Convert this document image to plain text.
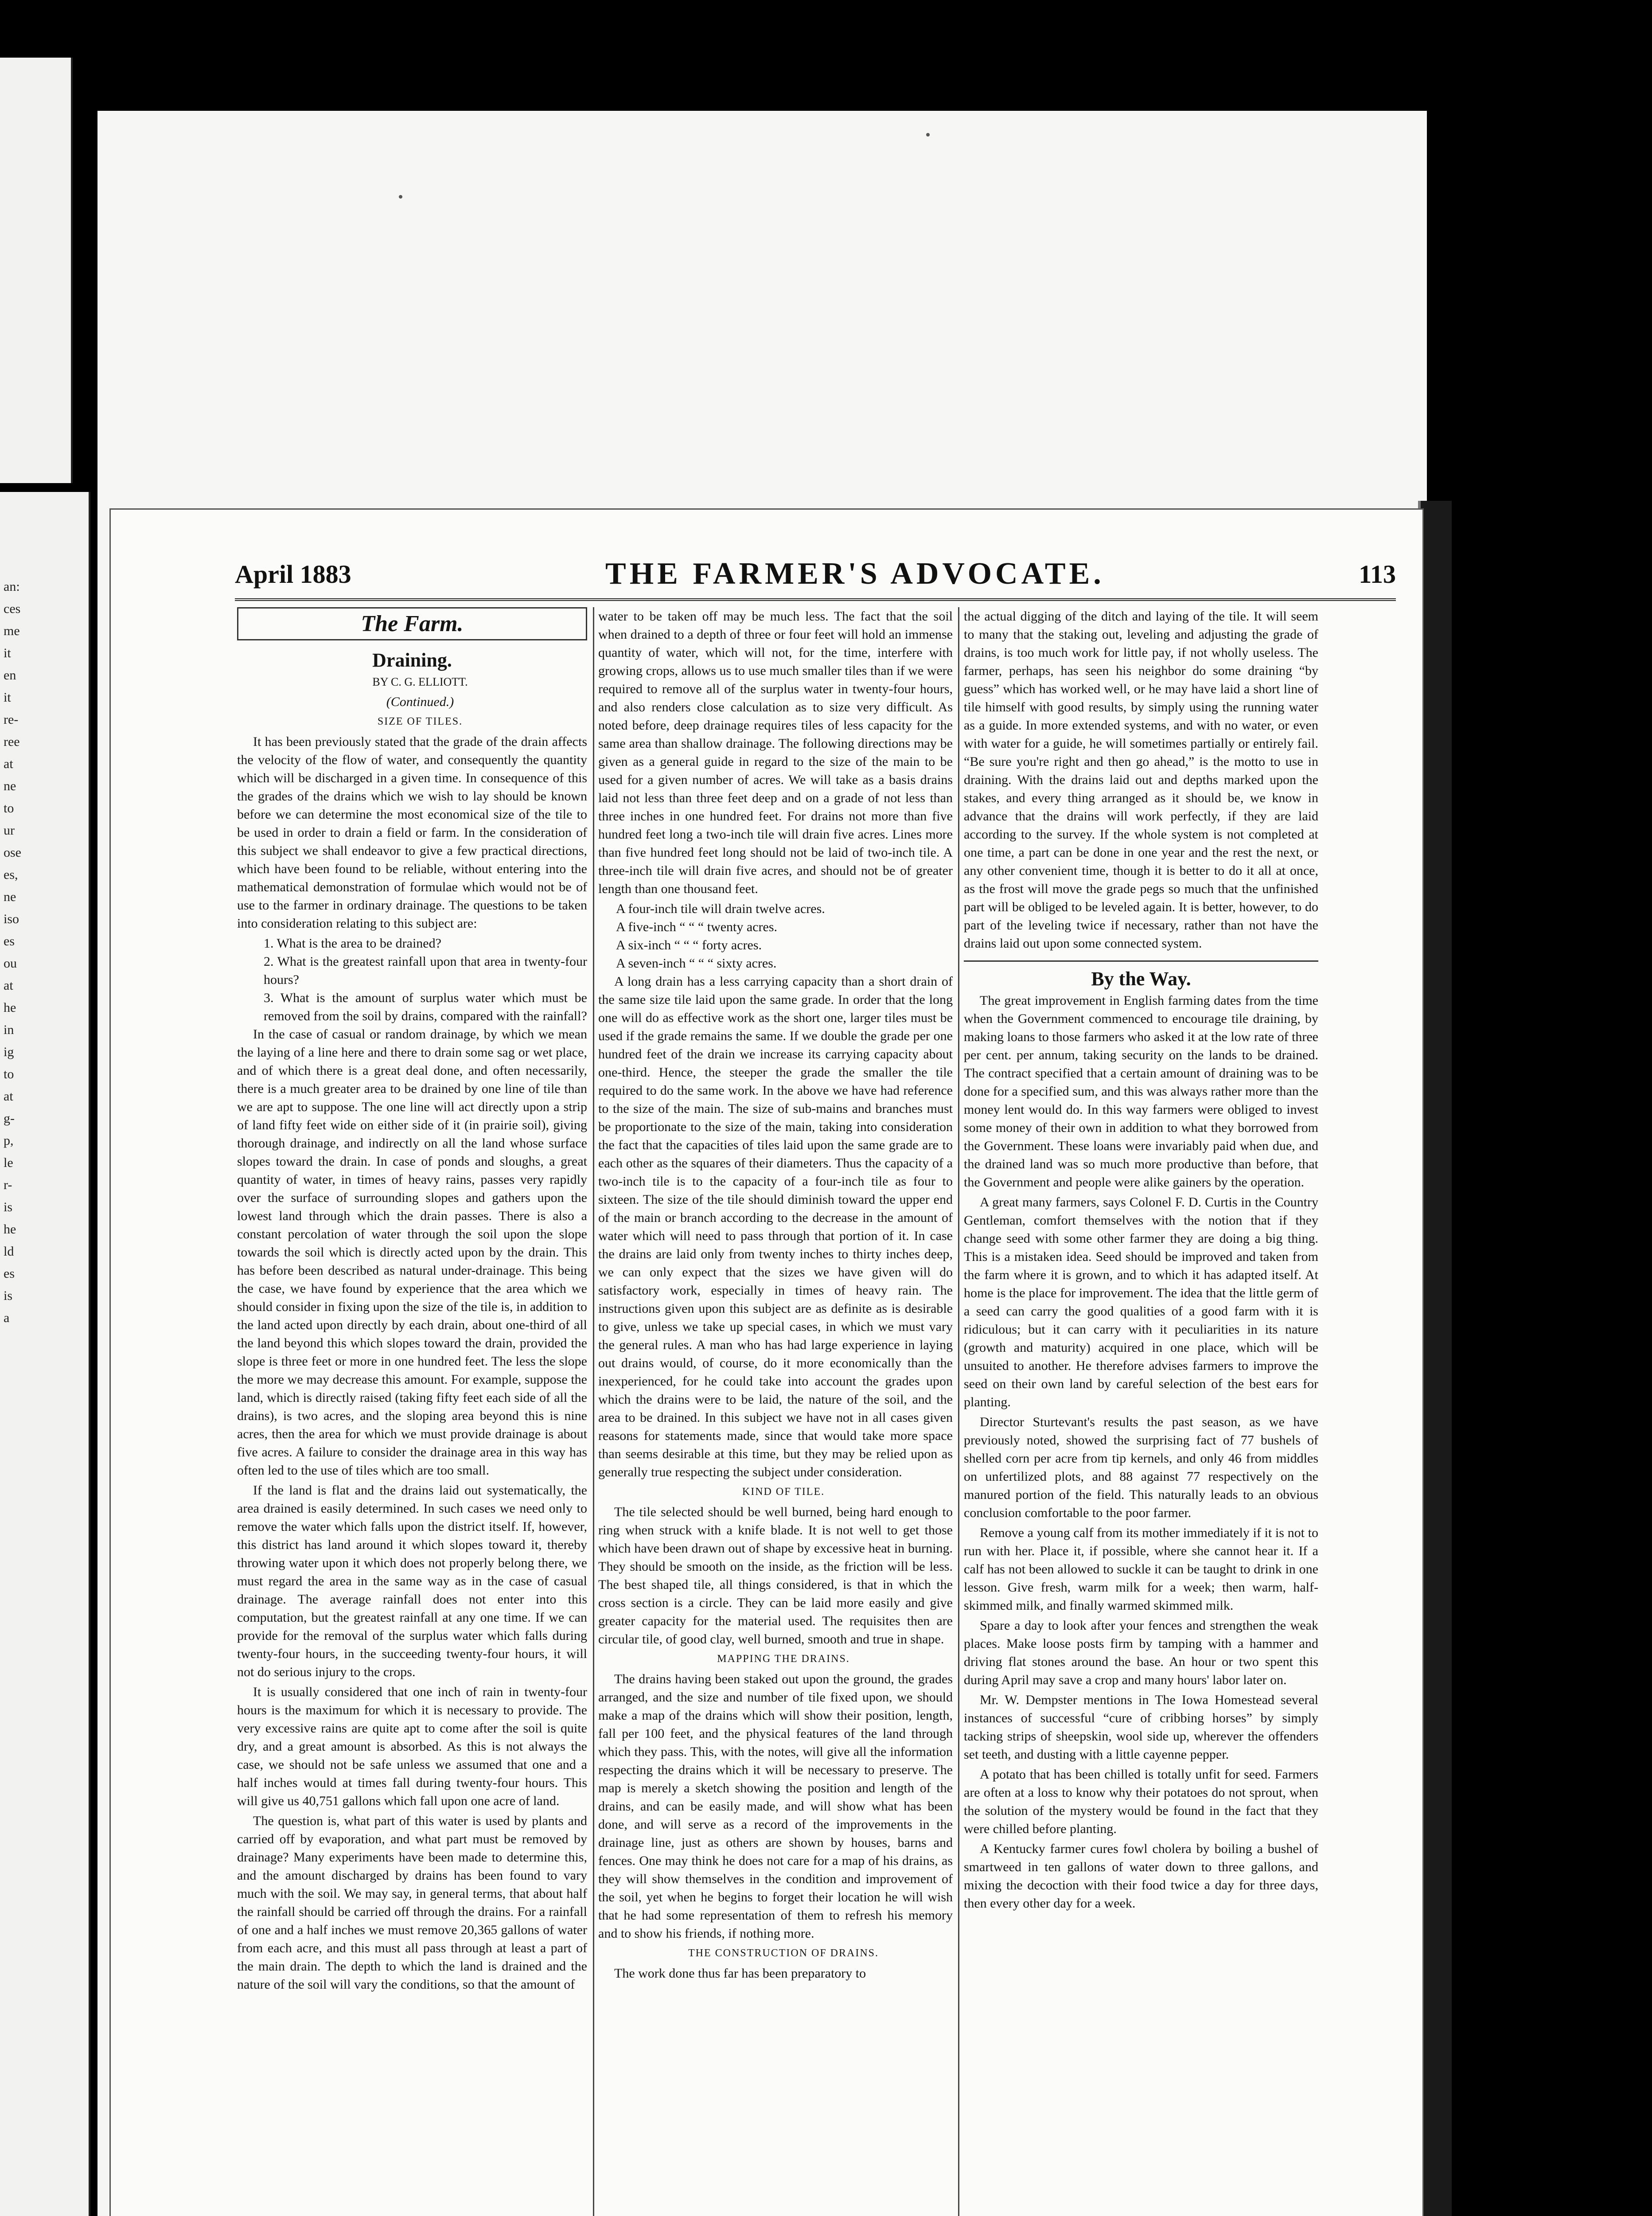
an:
ces
me
it
en
it
re-
ree
at
ne
to
ur
ose
es,
ne
iso
es
ou
at
he
in
ig
to
at
g-
p,
le
r-
is
he
ld
es
is
a
April 1883	THE FARMER'S ADVOCATE.	113
The Farm.
Draining.

BY C. G. ELLIOTT.

(Continued.)

SIZE OF TILES.

It has been previously stated that the grade of the drain affects the velocity of the flow of water, and consequently the quantity which will be discharged in a given time. In consequence of this the grades of the drains which we wish to lay should be known before we can determine the most economical size of the tile to be used in order to drain a field or farm. In the consideration of this subject we shall endeavor to give a few practical directions, which have been found to be reliable, without entering into the mathematical demonstration of formulae which would not be of use to the farmer in ordinary drainage. The questions to be taken into consideration relating to this subject are:

1. What is the area to be drained?
2. What is the greatest rainfall upon that area in twenty-four hours?
3. What is the amount of surplus water which must be removed from the soil by drains, compared with the rainfall?

In the case of casual or random drainage, by which we mean the laying of a line here and there to drain some sag or wet place, and of which there is a great deal done, and often necessarily, there is a much greater area to be drained by one line of tile than we are apt to suppose. The one line will act directly upon a strip of land fifty feet wide on either side of it (in prairie soil), giving thorough drainage, and indirectly on all the land whose surface slopes toward the drain. In case of ponds and sloughs, a great quantity of water, in times of heavy rains, passes very rapidly over the surface of surrounding slopes and gathers upon the lowest land through which the drain passes. There is also a constant percolation of water through the soil upon the slope towards the soil which is directly acted upon by the drain. This has before been described as natural under-drainage. This being the case, we have found by experience that the area which we should consider in fixing upon the size of the tile is, in addition to the land acted upon directly by each drain, about one-third of all the land beyond this which slopes toward the drain, provided the slope is three feet or more in one hundred feet. The less the slope the more we may decrease this amount. For example, suppose the land, which is directly raised (taking fifty feet each side of all the drains), is two acres, and the sloping area beyond this is nine acres, then the area for which we must provide drainage is about five acres. A failure to consider the drainage area in this way has often led to the use of tiles which are too small.

If the land is flat and the drains laid out systematically, the area drained is easily determined. In such cases we need only to remove the water which falls upon the district itself. If, however, this district has land around it which slopes toward it, thereby throwing water upon it which does not properly belong there, we must regard the area in the same way as in the case of casual drainage. The average rainfall does not enter into this computation, but the greatest rainfall at any one time. If we can provide for the removal of the surplus water which falls during twenty-four hours, in the succeeding twenty-four hours, it will not do serious injury to the crops.

It is usually considered that one inch of rain in twenty-four hours is the maximum for which it is necessary to provide. The very excessive rains are quite apt to come after the soil is quite dry, and a great amount is absorbed. As this is not always the case, we should not be safe unless we assumed that one and a half inches would at times fall during twenty-four hours. This will give us 40,751 gallons which fall upon one acre of land.

The question is, what part of this water is used by plants and carried off by evaporation, and what part must be removed by drainage? Many experiments have been made to determine this, and the amount discharged by drains has been found to vary much with the soil. We may say, in general terms, that about half the rainfall should be carried off through the drains. For a rainfall of one and a half inches we must remove 20,365 gallons of water from each acre, and this must all pass through at least a part of the main drain. The depth to which the land is drained and the nature of the soil will vary the conditions, so that the amount of

water to be taken off may be much less. The fact that the soil when drained to a depth of three or four feet will hold an immense quantity of water, which will not, for the time, interfere with growing crops, allows us to use much smaller tiles than if we were required to remove all of the surplus water in twenty-four hours, and also renders close calculation as to size very difficult. As noted before, deep drainage requires tiles of less capacity for the same area than shallow drainage. The following directions may be given as a general guide in regard to the size of the main to be used for a given number of acres. We will take as a basis drains laid not less than three feet deep and on a grade of not less than three inches in one hundred feet. For drains not more than five hundred feet long a two-inch tile will drain five acres. Lines more than five hundred feet long should not be laid of two-inch tile. A three-inch tile will drain five acres, and should not be of greater length than one thousand feet.

A four-inch tile will drain twelve acres.
A five-inch “ “ “ twenty acres.
A six-inch “ “ “ forty acres.
A seven-inch “ “ “ sixty acres.

A long drain has a less carrying capacity than a short drain of the same size tile laid upon the same grade. In order that the long one will do as effective work as the short one, larger tiles must be used if the grade remains the same. If we double the grade per one hundred feet of the drain we increase its carrying capacity about one-third. Hence, the steeper the grade the smaller the tile required to do the same work. In the above we have had reference to the size of the main. The size of sub-mains and branches must be proportionate to the size of the main, taking into consideration the fact that the capacities of tiles laid upon the same grade are to each other as the squares of their diameters. Thus the capacity of a two-inch tile is to the capacity of a four-inch tile as four to sixteen. The size of the tile should diminish toward the upper end of the main or branch according to the decrease in the amount of water which will need to pass through that portion of it. In case the drains are laid only from twenty inches to thirty inches deep, we can only expect that the sizes we have given will do satisfactory work, especially in times of heavy rain. The instructions given upon this subject are as definite as is desirable to give, unless we take up special cases, in which we must vary the general rules. A man who has had large experience in laying out drains would, of course, do it more economically than the inexperienced, for he could take into account the grades upon which the drains were to be laid, the nature of the soil, and the area to be drained. In this subject we have not in all cases given reasons for statements made, since that would take more space than seems desirable at this time, but they may be relied upon as generally true respecting the subject under consideration.

KIND OF TILE.

The tile selected should be well burned, being hard enough to ring when struck with a knife blade. It is not well to get those which have been drawn out of shape by excessive heat in burning. They should be smooth on the inside, as the friction will be less. The best shaped tile, all things considered, is that in which the cross section is a circle. They can be laid more easily and give greater capacity for the material used. The requisites then are circular tile, of good clay, well burned, smooth and true in shape.

MAPPING THE DRAINS.

The drains having been staked out upon the ground, the grades arranged, and the size and number of tile fixed upon, we should make a map of the drains which will show their position, length, fall per 100 feet, and the physical features of the land through which they pass. This, with the notes, will give all the information respecting the drains which it will be necessary to preserve. The map is merely a sketch showing the position and length of the drains, and can be easily made, and will show what has been done, and will serve as a record of the improvements in the drainage line, just as others are shown by houses, barns and fences. One may think he does not care for a map of his drains, as they will show themselves in the condition and improvement of the soil, yet when he begins to forget their location he will wish that he had some representation of them to refresh his memory and to show his friends, if nothing more.

THE CONSTRUCTION OF DRAINS.

The work done thus far has been preparatory to

the actual digging of the ditch and laying of the tile. It will seem to many that the staking out, leveling and adjusting the grade of drains, is too much work for little pay, if not wholly useless. The farmer, perhaps, has seen his neighbor do some draining “by guess” which has worked well, or he may have laid a short line of tile himself with good results, by simply using the running water as a guide. In more extended systems, and with no water, or even with water for a guide, he will sometimes partially or entirely fail. “Be sure you're right and then go ahead,” is the motto to use in draining. With the drains laid out and depths marked upon the stakes, and every thing arranged as it should be, we know in advance that the drains will work perfectly, if they are laid according to the survey. If the whole system is not completed at one time, a part can be done in one year and the rest the next, or any other convenient time, though it is better to do it all at once, as the frost will move the grade pegs so much that the unfinished part will be obliged to be leveled again. It is better, however, to do part of the leveling twice if necessary, rather than not have the drains laid out upon some connected system.

By the Way.

The great improvement in English farming dates from the time when the Government commenced to encourage tile draining, by making loans to those farmers who asked it at the low rate of three per cent. per annum, taking security on the lands to be drained. The contract specified that a certain amount of draining was to be done for a specified sum, and this was always rather more than the money lent would do. In this way farmers were obliged to invest some money of their own in addition to what they borrowed from the Government. These loans were invariably paid when due, and the drained land was so much more productive than before, that the Government and people were alike gainers by the operation.

A great many farmers, says Colonel F. D. Curtis in the Country Gentleman, comfort themselves with the notion that if they change seed with some other farmer they are doing a big thing. This is a mistaken idea. Seed should be improved and taken from the farm where it is grown, and to which it has adapted itself. At home is the place for improvement. The idea that the little germ of a seed can carry the good qualities of a good farm with it is ridiculous; but it can carry with it peculiarities in its nature (growth and maturity) acquired in one place, which will be unsuited to another. He therefore advises farmers to improve the seed on their own land by careful selection of the best ears for planting.

Director Sturtevant's results the past season, as we have previously noted, showed the surprising fact of 77 bushels of shelled corn per acre from tip kernels, and only 46 from middles on unfertilized plots, and 88 against 77 respectively on the manured portion of the field. This naturally leads to an obvious conclusion comfortable to the poor farmer.

Remove a young calf from its mother immediately if it is not to run with her. Place it, if possible, where she cannot hear it. If a calf has not been allowed to suckle it can be taught to drink in one lesson. Give fresh, warm milk for a week; then warm, half-skimmed milk, and finally warmed skimmed milk.

Spare a day to look after your fences and strengthen the weak places. Make loose posts firm by tamping with a hammer and driving flat stones around the base. An hour or two spent this during April may save a crop and many hours' labor later on.

Mr. W. Dempster mentions in The Iowa Homestead several instances of successful “cure of cribbing horses” by simply tacking strips of sheepskin, wool side up, wherever the offenders set teeth, and dusting with a little cayenne pepper.

A potato that has been chilled is totally unfit for seed. Farmers are often at a loss to know why their potatoes do not sprout, when the solution of the mystery would be found in the fact that they were chilled before planting.

A Kentucky farmer cures fowl cholera by boiling a bushel of smartweed in ten gallons of water down to three gallons, and mixing the decoction with their food twice a day for three days, then every other day for a week.
